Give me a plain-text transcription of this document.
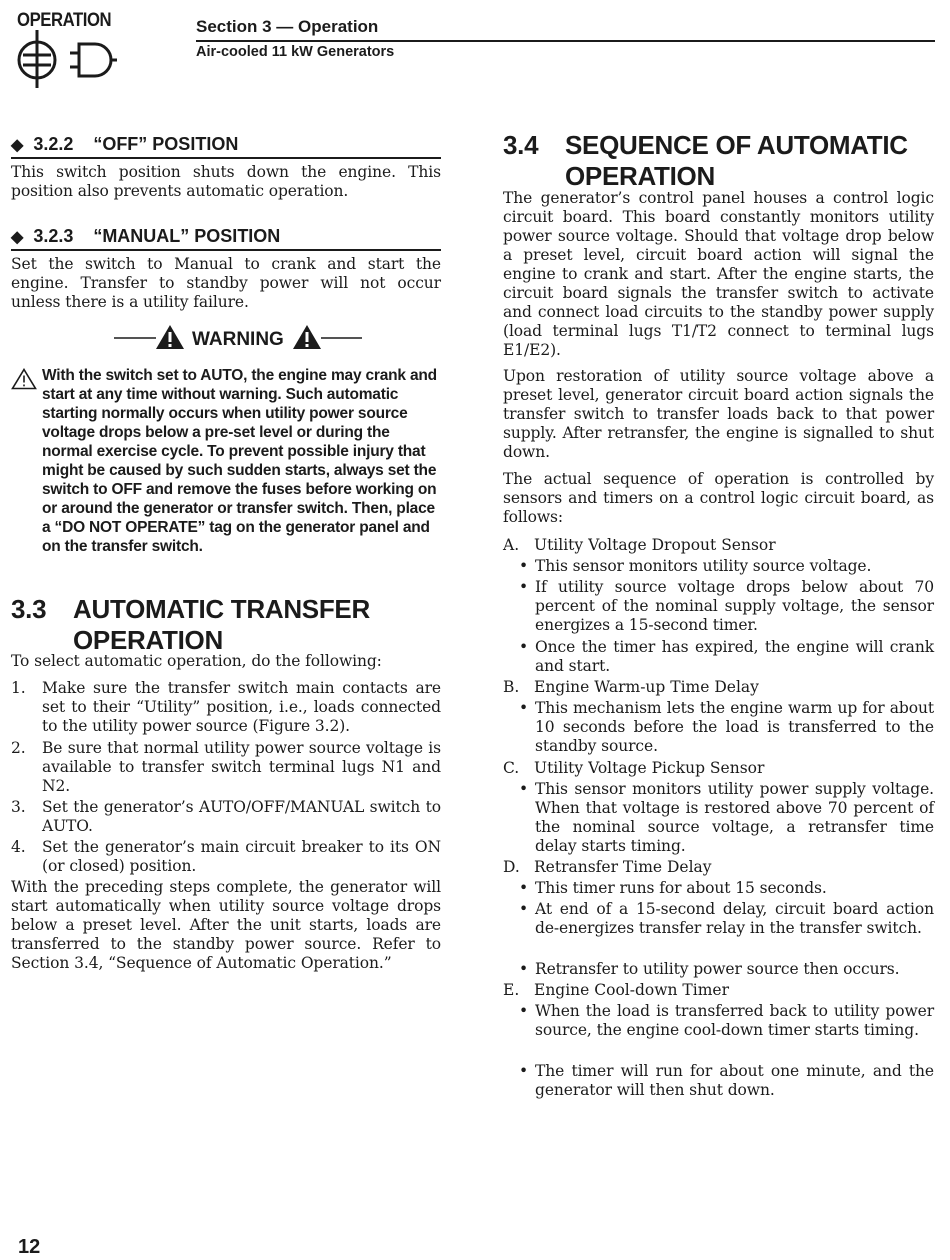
OPERATION	Section 3 — Operation
Air-cooled 11 kW Generators
◆ 3.2.2 “OFF” POSITION
This switch position shuts down the engine. This position also prevents automatic operation.
◆ 3.2.3 “MANUAL” POSITION
Set the switch to Manual to crank and start the engine. Transfer to standby power will not occur unless there is a utility failure.
3.3 AUTOMATIC TRANSFER
OPERATION
To select automatic operation, do the following:
1. Make sure the transfer switch main contacts are set to their “Utility” position, i.e., loads connected to the utility power source (Figure 3.2).
2. Be sure that normal utility power source voltage is available to transfer switch terminal lugs N1 and N2.
3. Set the generator’s AUTO/OFF/MANUAL switch to AUTO.
4. Set the generator’s main circuit breaker to its ON (or closed) position.
With the preceding steps complete, the generator will start automatically when utility source voltage drops below a preset level. After the unit starts, loads are transferred to the standby power source. Refer to Section 3.4, “Sequence of Automatic Operation.”
WARNING
With the switch set to AUTO, the engine may crank and start at any time without warning. Such automatic starting normally occurs when utility power source voltage drops below a pre-set level or during the normal exercise cycle. To prevent possible injury that might be caused by such sudden starts, always set the switch to OFF and remove the fuses before working on or around the generator or transfer switch. Then, place a “DO NOT OPERATE” tag on the generator panel and on the transfer switch.
3.4 SEQUENCE OF AUTOMATIC
OPERATION
The generator’s control panel houses a control logic circuit board. This board constantly monitors utility power source voltage. Should that voltage drop below a preset level, circuit board action will signal the engine to crank and start. After the engine starts, the circuit board signals the transfer switch to activate and connect load circuits to the standby power supply (load terminal lugs T1/T2 connect to terminal lugs E1/E2).
Upon restoration of utility source voltage above a preset level, generator circuit board action signals the transfer switch to transfer loads back to that power supply. After retransfer, the engine is signalled to shut down.
The actual sequence of operation is controlled by sensors and timers on a control logic circuit board, as follows:
A. Utility Voltage Dropout Sensor
• This sensor monitors utility source voltage.
• If utility source voltage drops below about 70 percent of the nominal supply voltage, the sensor energizes a 15-second timer.
• Once the timer has expired, the engine will crank and start.
B. Engine Warm-up Time Delay
• This mechanism lets the engine warm up for about 10 seconds before the load is transferred to the standby source.
C. Utility Voltage Pickup Sensor
• This sensor monitors utility power supply voltage. When that voltage is restored above 70 percent of the nominal source voltage, a retransfer time delay starts timing.
D. Retransfer Time Delay
• This timer runs for about 15 seconds.
• At end of a 15-second delay, circuit board action de-energizes transfer relay in the transfer switch.
• Retransfer to utility power source then occurs.
E. Engine Cool-down Timer
• When the load is transferred back to utility power source, the engine cool-down timer starts timing.
• The timer will run for about one minute, and the generator will then shut down.
12
